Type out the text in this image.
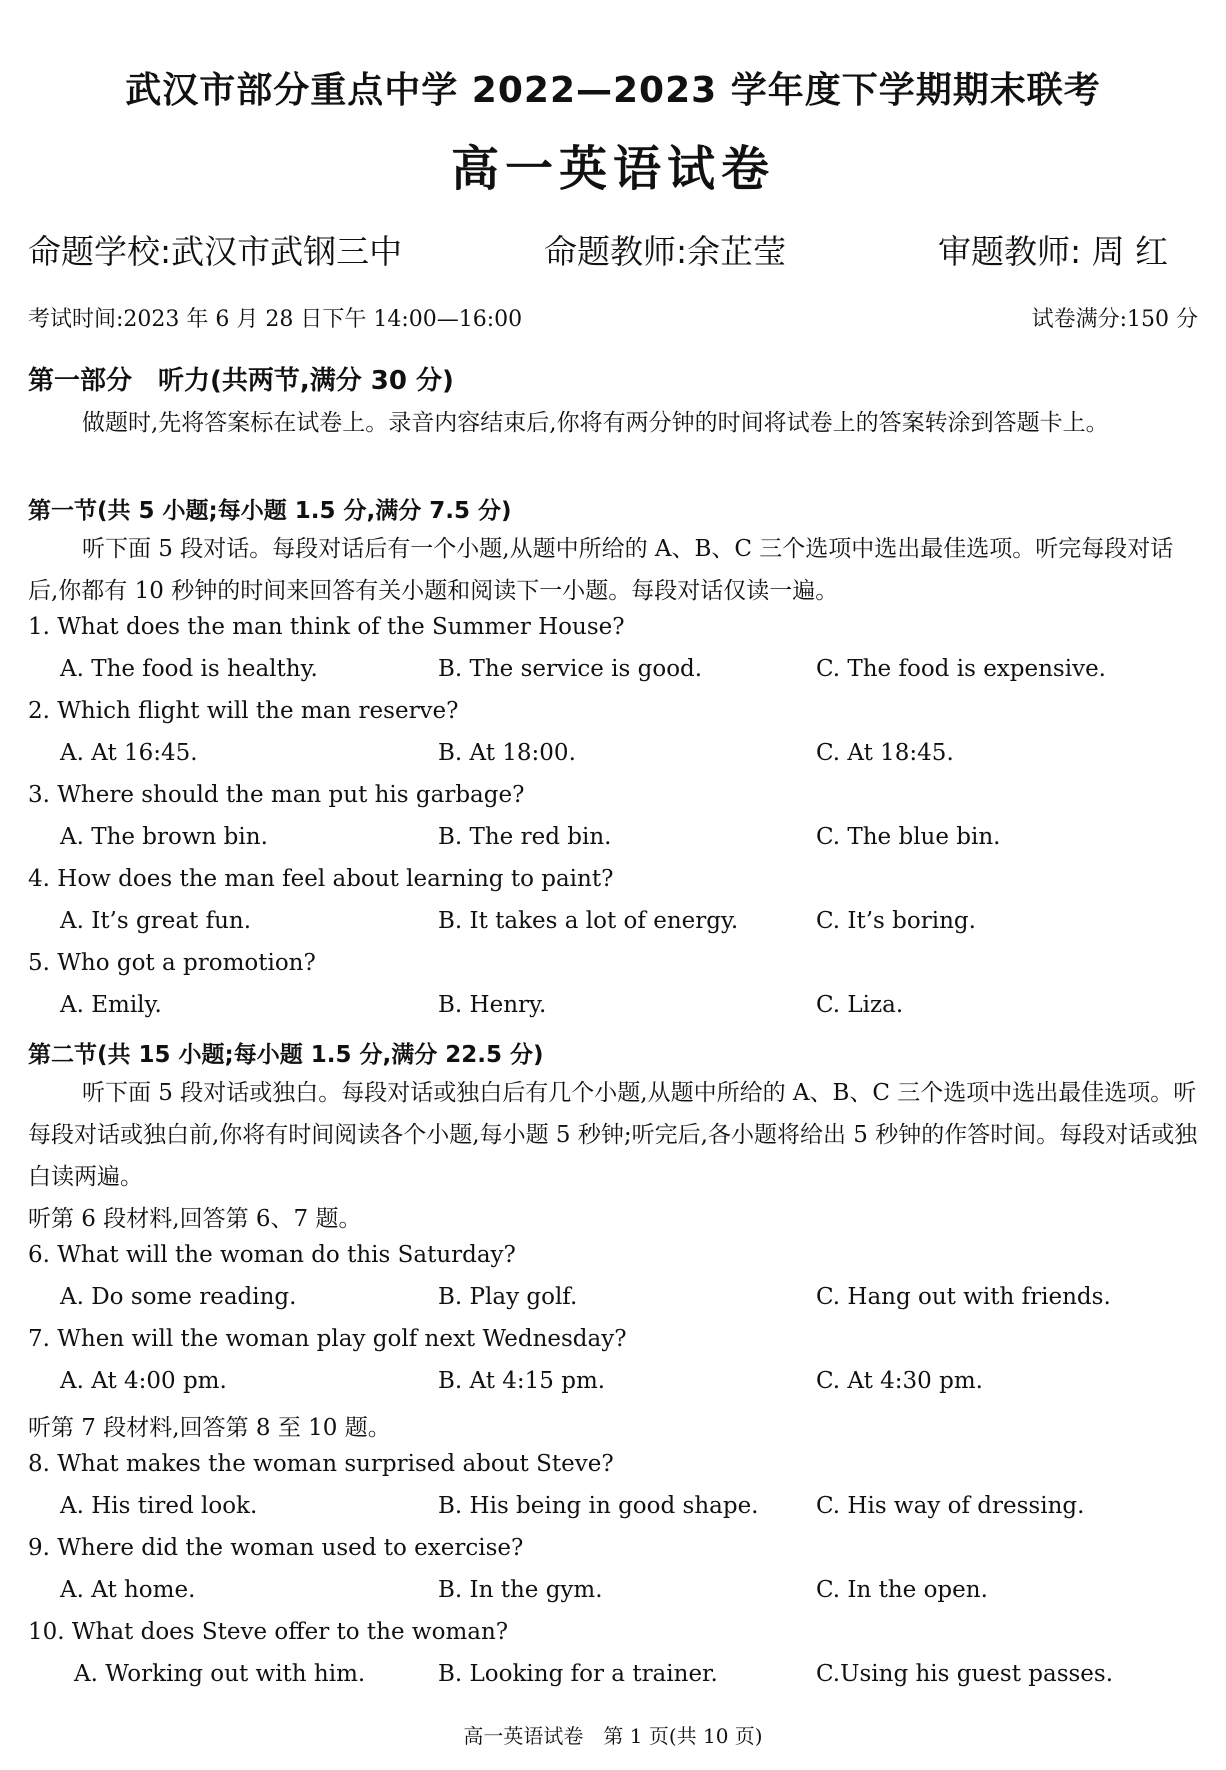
武汉市部分重点中学 2022—2023 学年度下学期期末联考
高一英语试卷
命题学校:武汉市武钢三中	命题教师:余芷莹	审题教师: 周 红
考试时间:2023 年 6 月 28 日下午 14:00—16:00	试卷满分:150 分
第一部分　听力(共两节,满分 30 分)
做题时,先将答案标在试卷上。录音内容结束后,你将有两分钟的时间将试卷上的答案转涂到答题卡上。
第一节(共 5 小题;每小题 1.5 分,满分 7.5 分)
听下面 5 段对话。每段对话后有一个小题,从题中所给的 A、B、C 三个选项中选出最佳选项。听完每段对话后,你都有 10 秒钟的时间来回答有关小题和阅读下一小题。每段对话仅读一遍。
1. What does the man think of the Summer House?
A. The food is healthy.	B. The service is good.	C. The food is expensive.
2. Which flight will the man reserve?
A. At 16:45.	B. At 18:00.	C. At 18:45.
3. Where should the man put his garbage?
A. The brown bin.	B. The red bin.	C. The blue bin.
4. How does the man feel about learning to paint?
A. It’s great fun.	B. It takes a lot of energy.	C. It’s boring.
5. Who got a promotion?
A. Emily.	B. Henry.	C. Liza.
第二节(共 15 小题;每小题 1.5 分,满分 22.5 分)
听下面 5 段对话或独白。每段对话或独白后有几个小题,从题中所给的 A、B、C 三个选项中选出最佳选项。听每段对话或独白前,你将有时间阅读各个小题,每小题 5 秒钟;听完后,各小题将给出 5 秒钟的作答时间。每段对话或独白读两遍。
听第 6 段材料,回答第 6、7 题。
6. What will the woman do this Saturday?
A. Do some reading.	B. Play golf.	C. Hang out with friends.
7. When will the woman play golf next Wednesday?
A. At 4:00 pm.	B. At 4:15 pm.	C. At 4:30 pm.
听第 7 段材料,回答第 8 至 10 题。
8. What makes the woman surprised about Steve?
A. His tired look.	B. His being in good shape.	C. His way of dressing.
9. Where did the woman used to exercise?
A. At home.	B. In the gym.	C. In the open.
10. What does Steve offer to the woman?
A. Working out with him.	B. Looking for a trainer.	C.Using his guest passes.
高一英语试卷　第 1 页(共 10 页)
